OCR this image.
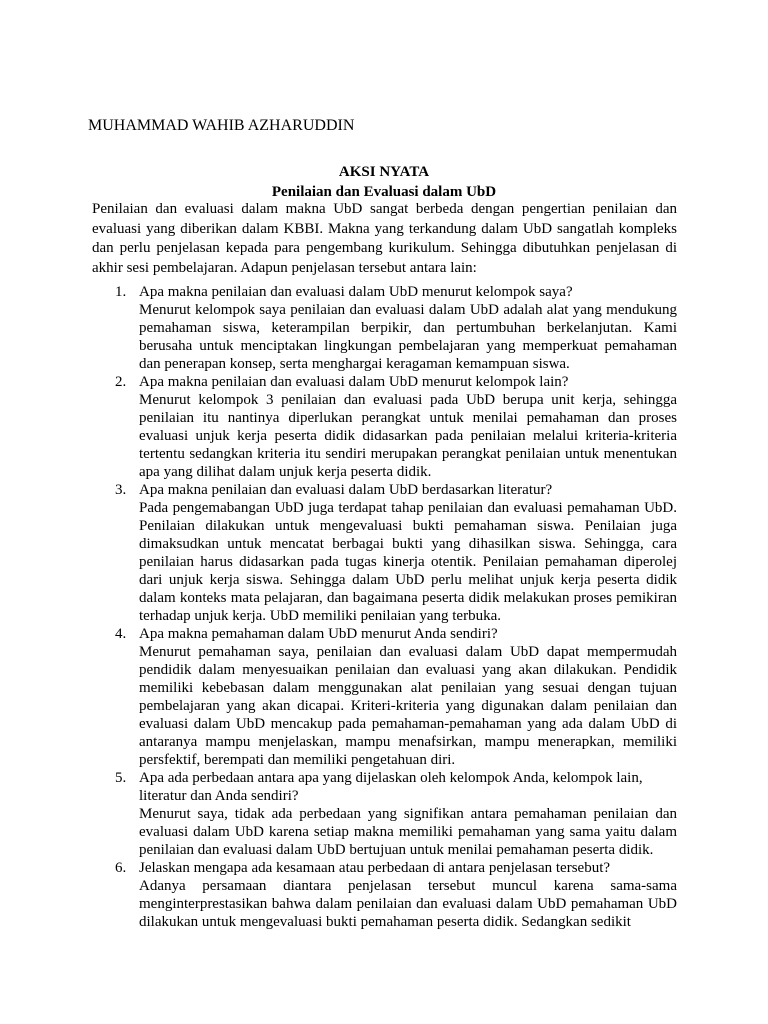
MUHAMMAD WAHIB AZHARUDDIN

AKSI NYATA

Penilaian dan Evaluasi dalam UbD

Penilaian dan evaluasi dalam makna UbD sangat berbeda dengan pengertian penilaian dan evaluasi yang diberikan dalam KBBI. Makna yang terkandung dalam UbD sangatlah kompleks dan perlu penjelasan kepada para pengembang kurikulum. Sehingga dibutuhkan penjelasan di akhir sesi pembelajaran. Adapun penjelasan tersebut antara lain:

1. Apa makna penilaian dan evaluasi dalam UbD menurut kelompok saya?

Menurut kelompok saya penilaian dan evaluasi dalam UbD adalah alat yang mendukung pemahaman siswa, keterampilan berpikir, dan pertumbuhan berkelanjutan. Kami berusaha untuk menciptakan lingkungan pembelajaran yang memperkuat pemahaman dan penerapan konsep, serta menghargai keragaman kemampuan siswa.

2. Apa makna penilaian dan evaluasi dalam UbD menurut kelompok lain?

Menurut kelompok 3 penilaian dan evaluasi pada UbD berupa unit kerja, sehingga penilaian itu nantinya diperlukan perangkat untuk menilai pemahaman dan proses evaluasi unjuk kerja peserta didik didasarkan pada penilaian melalui kriteria-kriteria tertentu sedangkan kriteria itu sendiri merupakan perangkat penilaian untuk menentukan apa yang dilihat dalam unjuk kerja peserta didik.

3. Apa makna penilaian dan evaluasi dalam UbD berdasarkan literatur?

Pada pengemabangan UbD juga terdapat tahap penilaian dan evaluasi pemahaman UbD. Penilaian dilakukan untuk mengevaluasi bukti pemahaman siswa. Penilaian juga dimaksudkan untuk mencatat berbagai bukti yang dihasilkan siswa. Sehingga, cara penilaian harus didasarkan pada tugas kinerja otentik. Penilaian pemahaman diperolej dari unjuk kerja siswa. Sehingga dalam UbD perlu melihat unjuk kerja peserta didik dalam konteks mata pelajaran, dan bagaimana peserta didik melakukan proses pemikiran terhadap unjuk kerja. UbD memiliki penilaian yang terbuka.

4. Apa makna pemahaman dalam UbD menurut Anda sendiri?

Menurut pemahaman saya, penilaian dan evaluasi dalam UbD dapat mempermudah pendidik dalam menyesuaikan penilaian dan evaluasi yang akan dilakukan. Pendidik memiliki kebebasan dalam menggunakan alat penilaian yang sesuai dengan tujuan pembelajaran yang akan dicapai. Kriteri-kriteria yang digunakan dalam penilaian dan evaluasi dalam UbD mencakup pada pemahaman-pemahaman yang ada dalam UbD di antaranya mampu menjelaskan, mampu menafsirkan, mampu menerapkan, memiliki persfektif, berempati dan memiliki pengetahuan diri.

5. Apa ada perbedaan antara apa yang dijelaskan oleh kelompok Anda, kelompok lain, literatur dan Anda sendiri?

Menurut saya, tidak ada perbedaan yang signifikan antara pemahaman penilaian dan evaluasi dalam UbD karena setiap makna memiliki pemahaman yang sama yaitu dalam penilaian dan evaluasi dalam UbD bertujuan untuk menilai pemahaman peserta didik.

6. Jelaskan mengapa ada kesamaan atau perbedaan di antara penjelasan tersebut?

Adanya persamaan diantara penjelasan tersebut muncul karena sama-sama menginterprestasikan bahwa dalam penilaian dan evaluasi dalam UbD pemahaman UbD dilakukan untuk mengevaluasi bukti pemahaman peserta didik. Sedangkan sedikit
